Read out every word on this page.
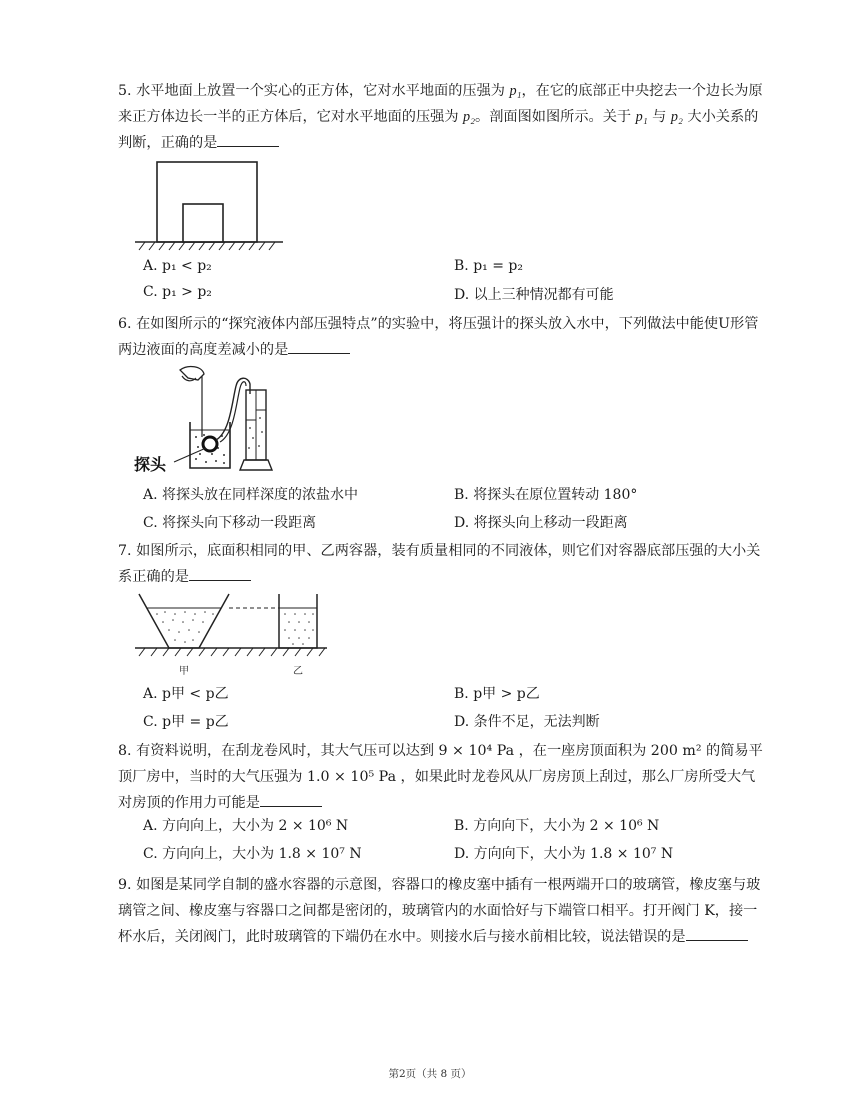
5. 水平地面上放置一个实心的正方体，它对水平地面的压强为 p₁，在它的底部正中央挖去一个边长为原来正方体边长一半的正方体后，它对水平地面的压强为 p₂。剖面图如图所示。关于 p₁ 与 p₂ 大小关系的判断，正确的是
A. p₁ < p₂	B. p₁ = p₂
C. p₁ > p₂	D. 以上三种情况都有可能
6. 在如图所示的“探究液体内部压强特点”的实验中，将压强计的探头放入水中，下列做法中能使U形管两边液面的高度差减小的是
探头
A. 将探头放在同样深度的浓盐水中	B. 将探头在原位置转动 180°
C. 将探头向下移动一段距离	D. 将探头向上移动一段距离
7. 如图所示，底面积相同的甲、乙两容器，装有质量相同的不同液体，则它们对容器底部压强的大小关系正确的是
甲	乙
A. p甲 < p乙	B. p甲 > p乙
C. p甲 = p乙	D. 条件不足，无法判断
8. 有资料说明，在刮龙卷风时，其大气压可以达到 9 × 10⁴ Pa ，在一座房顶面积为 200 m² 的简易平顶厂房中，当时的大气压强为 1.0 × 10⁵ Pa ，如果此时龙卷风从厂房房顶上刮过，那么厂房所受大气对房顶的作用力可能是
A. 方向向上，大小为 2 × 10⁶ N	B. 方向向下，大小为 2 × 10⁶ N
C. 方向向上，大小为 1.8 × 10⁷ N	D. 方向向下，大小为 1.8 × 10⁷ N
9. 如图是某同学自制的盛水容器的示意图，容器口的橡皮塞中插有一根两端开口的玻璃管，橡皮塞与玻璃管之间、橡皮塞与容器口之间都是密闭的，玻璃管内的水面恰好与下端管口相平。打开阀门 K，接一杯水后，关闭阀门，此时玻璃管的下端仍在水中。则接水后与接水前相比较，说法错误的是
第2页（共 8 页）
